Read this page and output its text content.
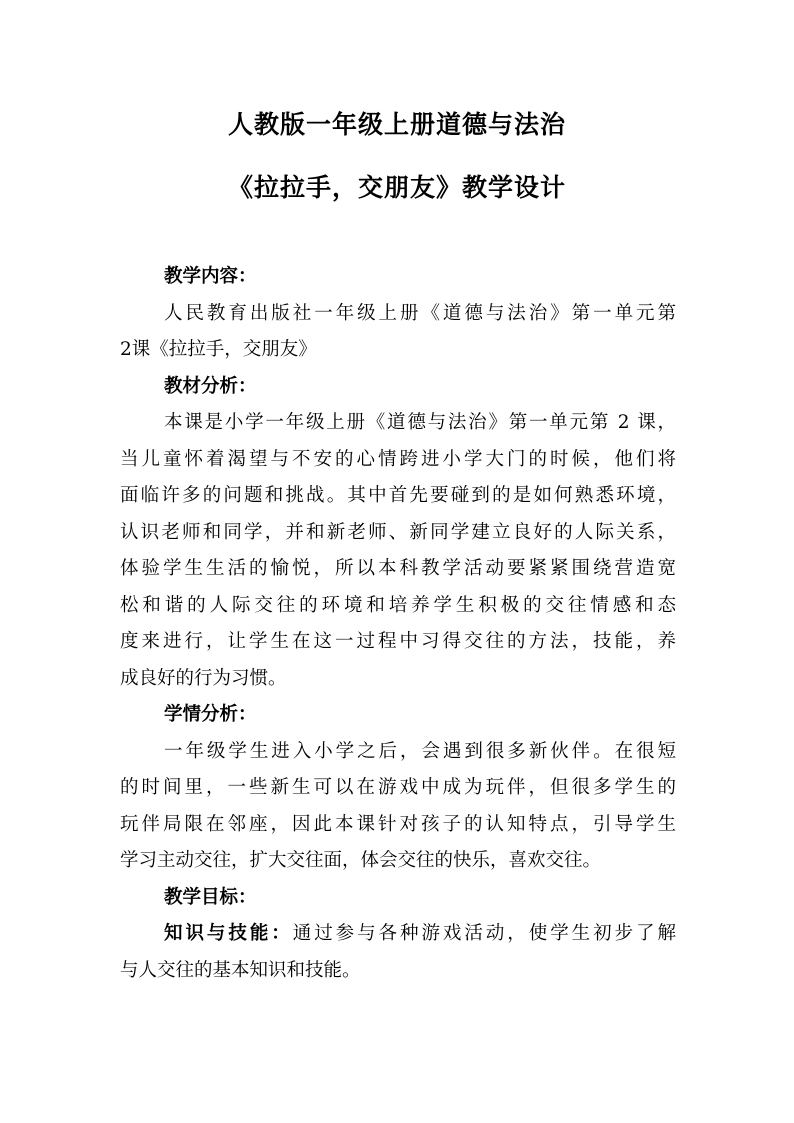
人教版一年级上册道德与法治
《拉拉手，交朋友》教学设计
教学内容：
人民教育出版社一年级上册《道德与法治》第一单元第
2课《拉拉手，交朋友》
教材分析：
本课是小学一年级上册《道德与法治》第一单元第 2 课，
当儿童怀着渴望与不安的心情跨进小学大门的时候，他们将
面临许多的问题和挑战。其中首先要碰到的是如何熟悉环境，
认识老师和同学，并和新老师、新同学建立良好的人际关系，
体验学生生活的愉悦，所以本科教学活动要紧紧围绕营造宽
松和谐的人际交往的环境和培养学生积极的交往情感和态
度来进行，让学生在这一过程中习得交往的方法，技能，养
成良好的行为习惯。
学情分析：
一年级学生进入小学之后，会遇到很多新伙伴。在很短
的时间里，一些新生可以在游戏中成为玩伴，但很多学生的
玩伴局限在邻座，因此本课针对孩子的认知特点，引导学生
学习主动交往，扩大交往面，体会交往的快乐，喜欢交往。
教学目标：
知识与技能：通过参与各种游戏活动，使学生初步了解
与人交往的基本知识和技能。
